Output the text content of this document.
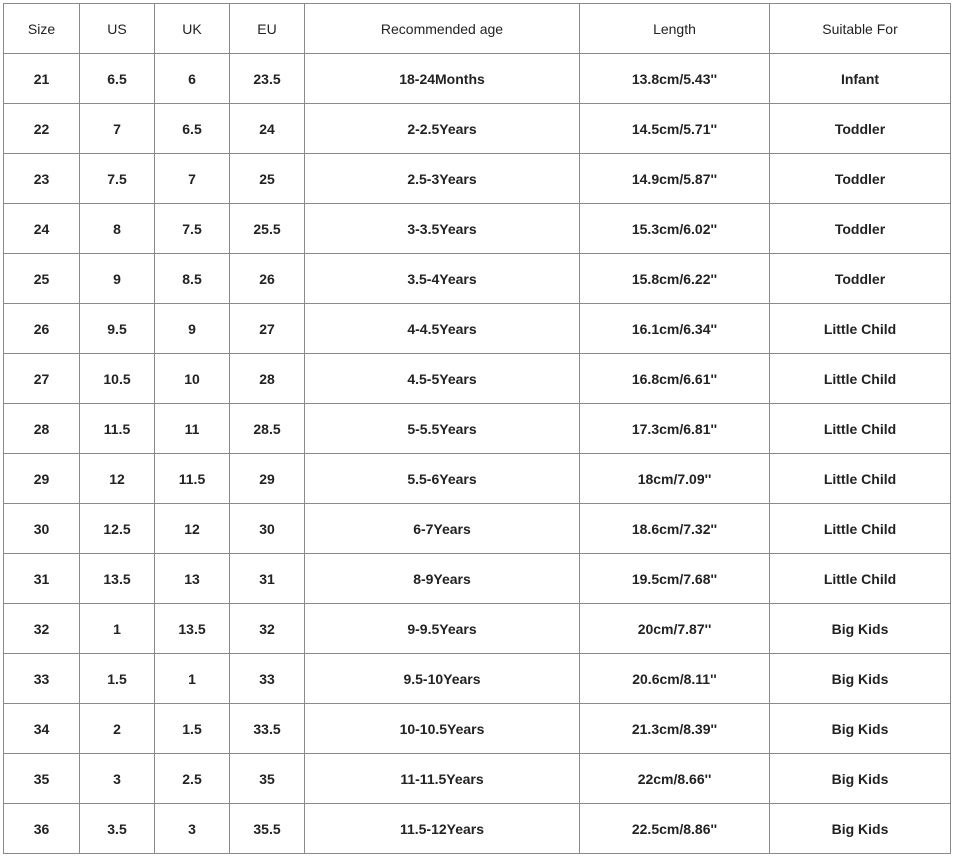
Size	US	UK	EU	Recommended age	Length	Suitable For
21	6.5	6	23.5	18-24Months	13.8cm/5.43''	Infant
22	7	6.5	24	2-2.5Years	14.5cm/5.71''	Toddler
23	7.5	7	25	2.5-3Years	14.9cm/5.87''	Toddler
24	8	7.5	25.5	3-3.5Years	15.3cm/6.02''	Toddler
25	9	8.5	26	3.5-4Years	15.8cm/6.22''	Toddler
26	9.5	9	27	4-4.5Years	16.1cm/6.34''	Little Child
27	10.5	10	28	4.5-5Years	16.8cm/6.61''	Little Child
28	11.5	11	28.5	5-5.5Years	17.3cm/6.81''	Little Child
29	12	11.5	29	5.5-6Years	18cm/7.09''	Little Child
30	12.5	12	30	6-7Years	18.6cm/7.32''	Little Child
31	13.5	13	31	8-9Years	19.5cm/7.68''	Little Child
32	1	13.5	32	9-9.5Years	20cm/7.87''	Big Kids
33	1.5	1	33	9.5-10Years	20.6cm/8.11''	Big Kids
34	2	1.5	33.5	10-10.5Years	21.3cm/8.39''	Big Kids
35	3	2.5	35	11-11.5Years	22cm/8.66''	Big Kids
36	3.5	3	35.5	11.5-12Years	22.5cm/8.86''	Big Kids
